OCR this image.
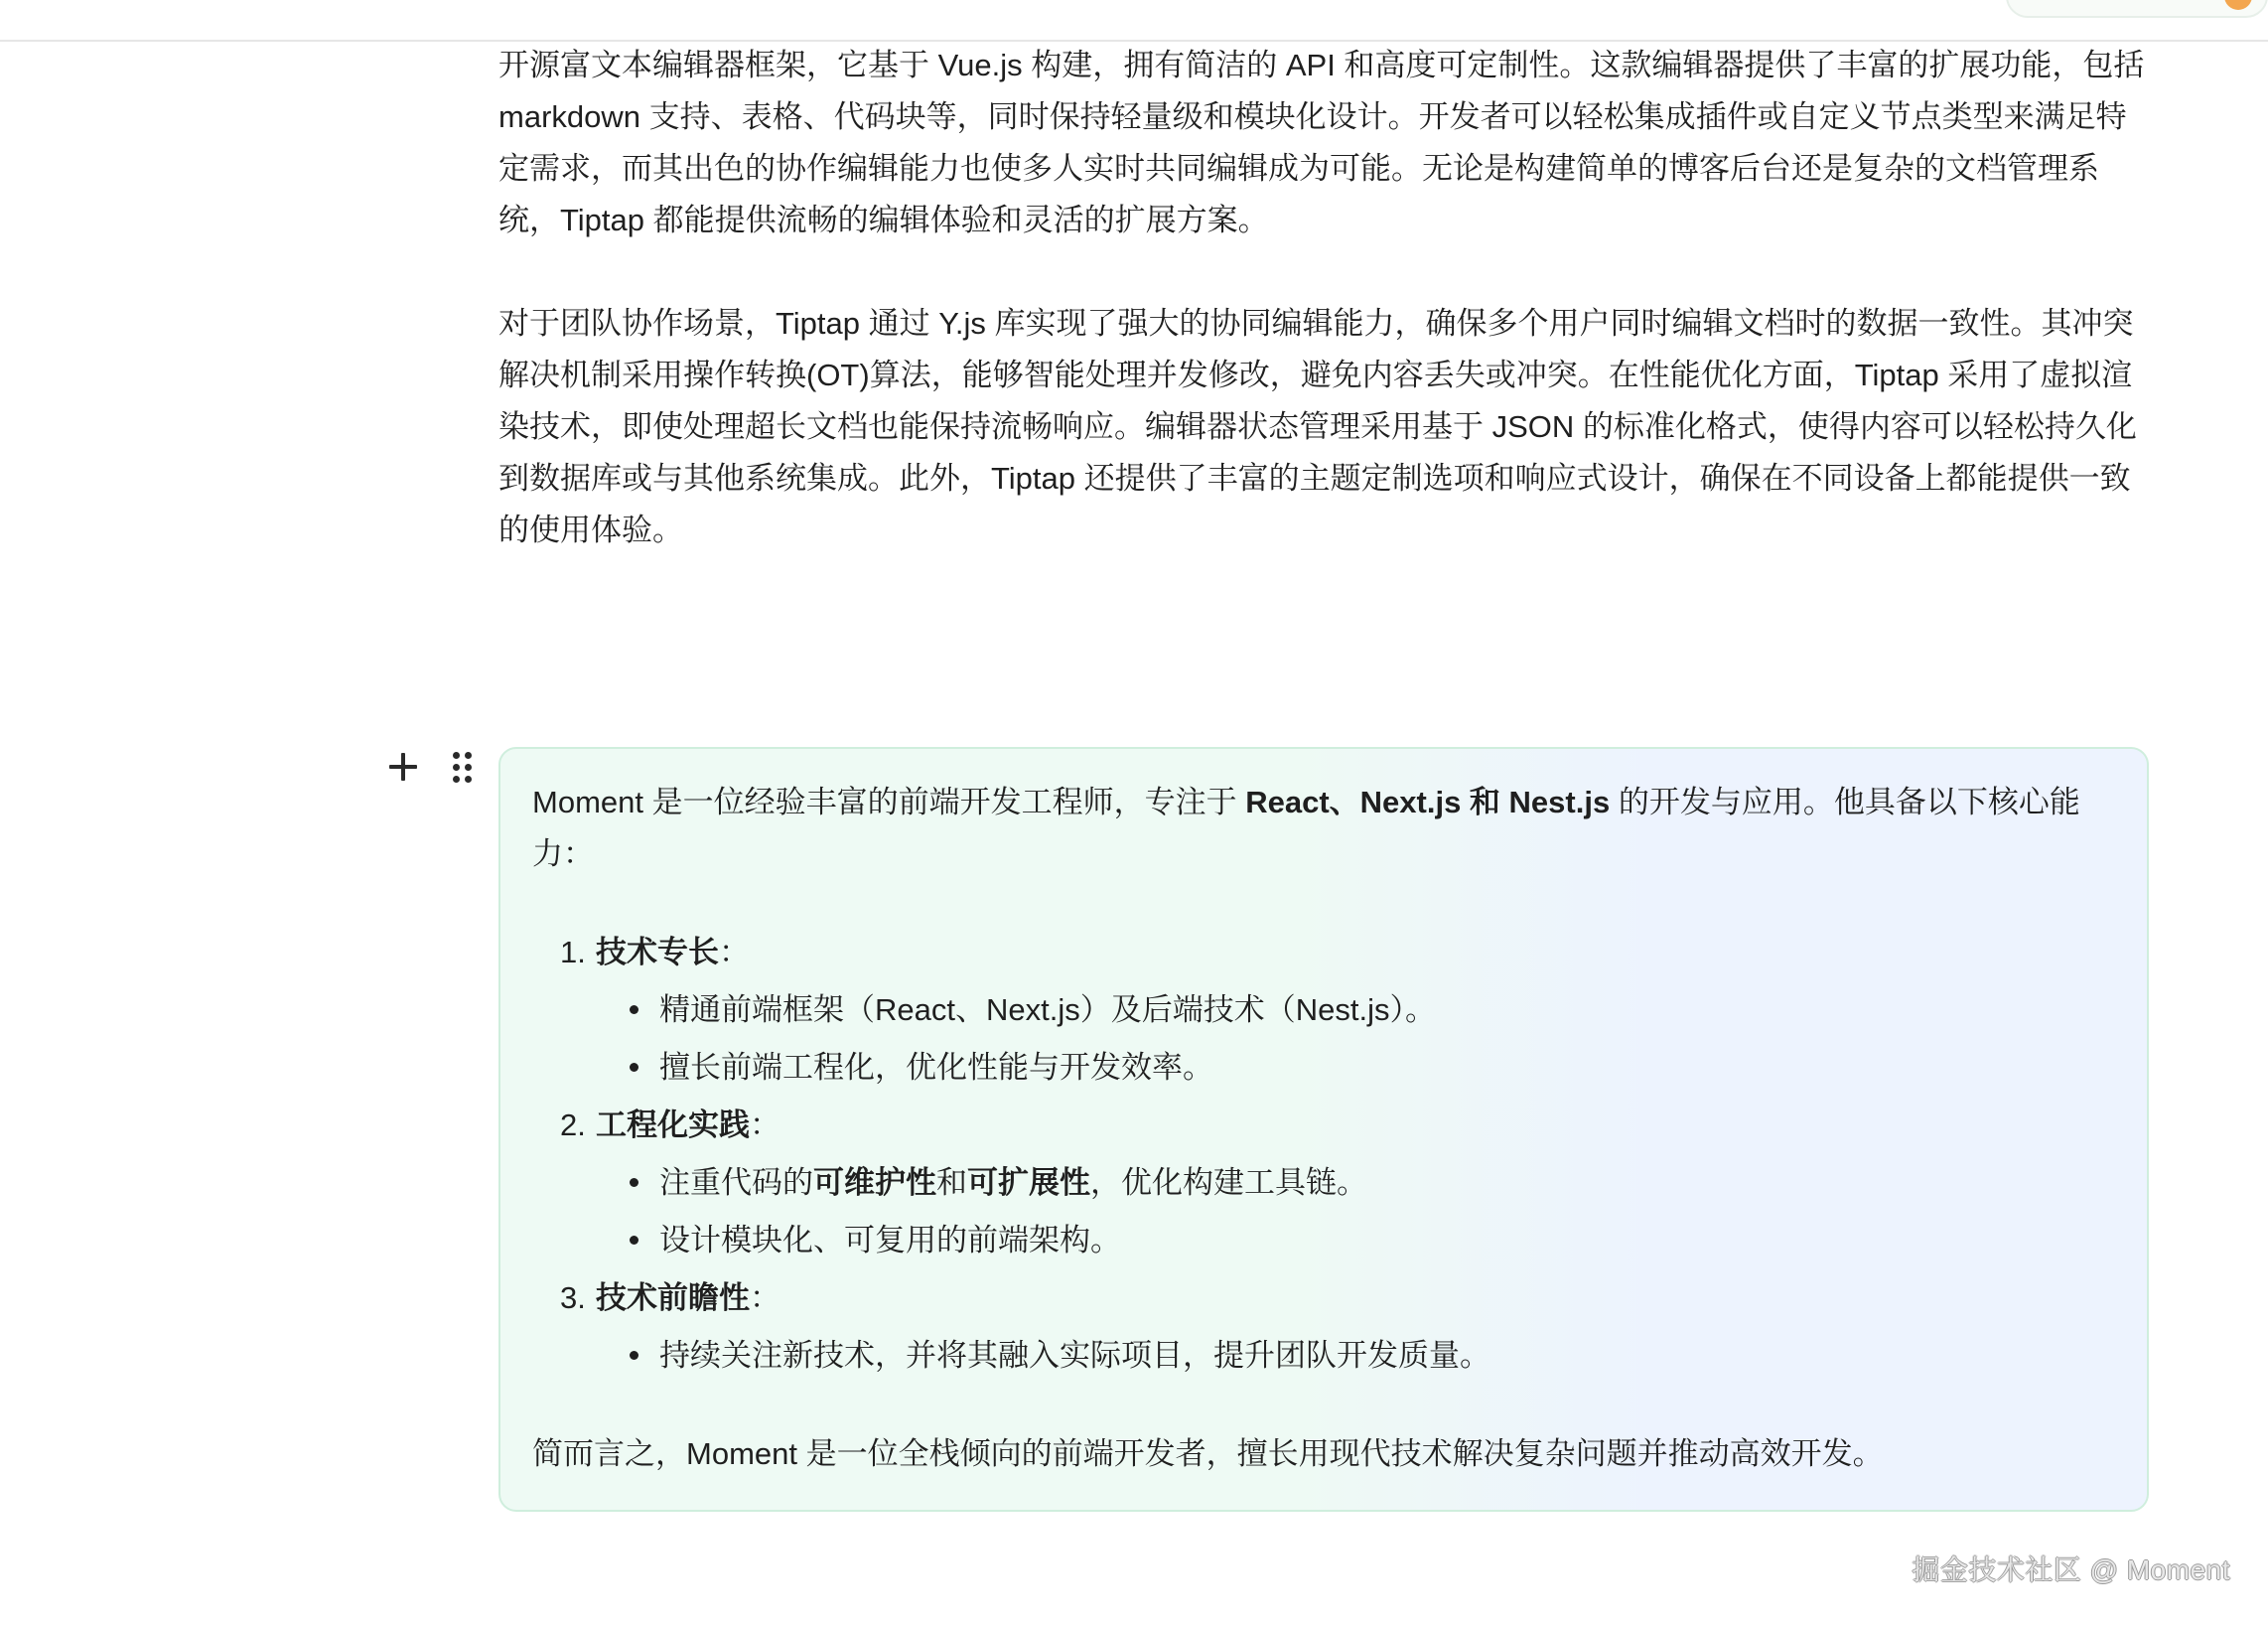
开源富文本编辑器框架，它基于 Vue.js 构建，拥有简洁的 API 和高度可定制性。这款编辑器提供了丰富的扩展功能，包括 markdown 支持、表格、代码块等，同时保持轻量级和模块化设计。开发者可以轻松集成插件或自定义节点类型来满足特定需求，而其出色的协作编辑能力也使多人实时共同编辑成为可能。无论是构建简单的博客后台还是复杂的文档管理系统，Tiptap 都能提供流畅的编辑体验和灵活的扩展方案。

对于团队协作场景，Tiptap 通过 Y.js 库实现了强大的协同编辑能力，确保多个用户同时编辑文档时的数据一致性。其冲突解决机制采用操作转换(OT)算法，能够智能处理并发修改，避免内容丢失或冲突。在性能优化方面，Tiptap 采用了虚拟渲染技术，即使处理超长文档也能保持流畅响应。编辑器状态管理采用基于 JSON 的标准化格式，使得内容可以轻松持久化到数据库或与其他系统集成。此外，Tiptap 还提供了丰富的主题定制选项和响应式设计，确保在不同设备上都能提供一致的使用体验。

Moment 是一位经验丰富的前端开发工程师，专注于 React、Next.js 和 Nest.js 的开发与应用。他具备以下核心能力：

1. 技术专长：
精通前端框架（React、Next.js）及后端技术（Nest.js）。
擅长前端工程化，优化性能与开发效率。
2. 工程化实践：
注重代码的可维护性和可扩展性，优化构建工具链。
设计模块化、可复用的前端架构。
3. 技术前瞻性：
持续关注新技术，并将其融入实际项目，提升团队开发质量。

简而言之，Moment 是一位全栈倾向的前端开发者，擅长用现代技术解决复杂问题并推动高效开发。

掘金技术社区 @ Moment
